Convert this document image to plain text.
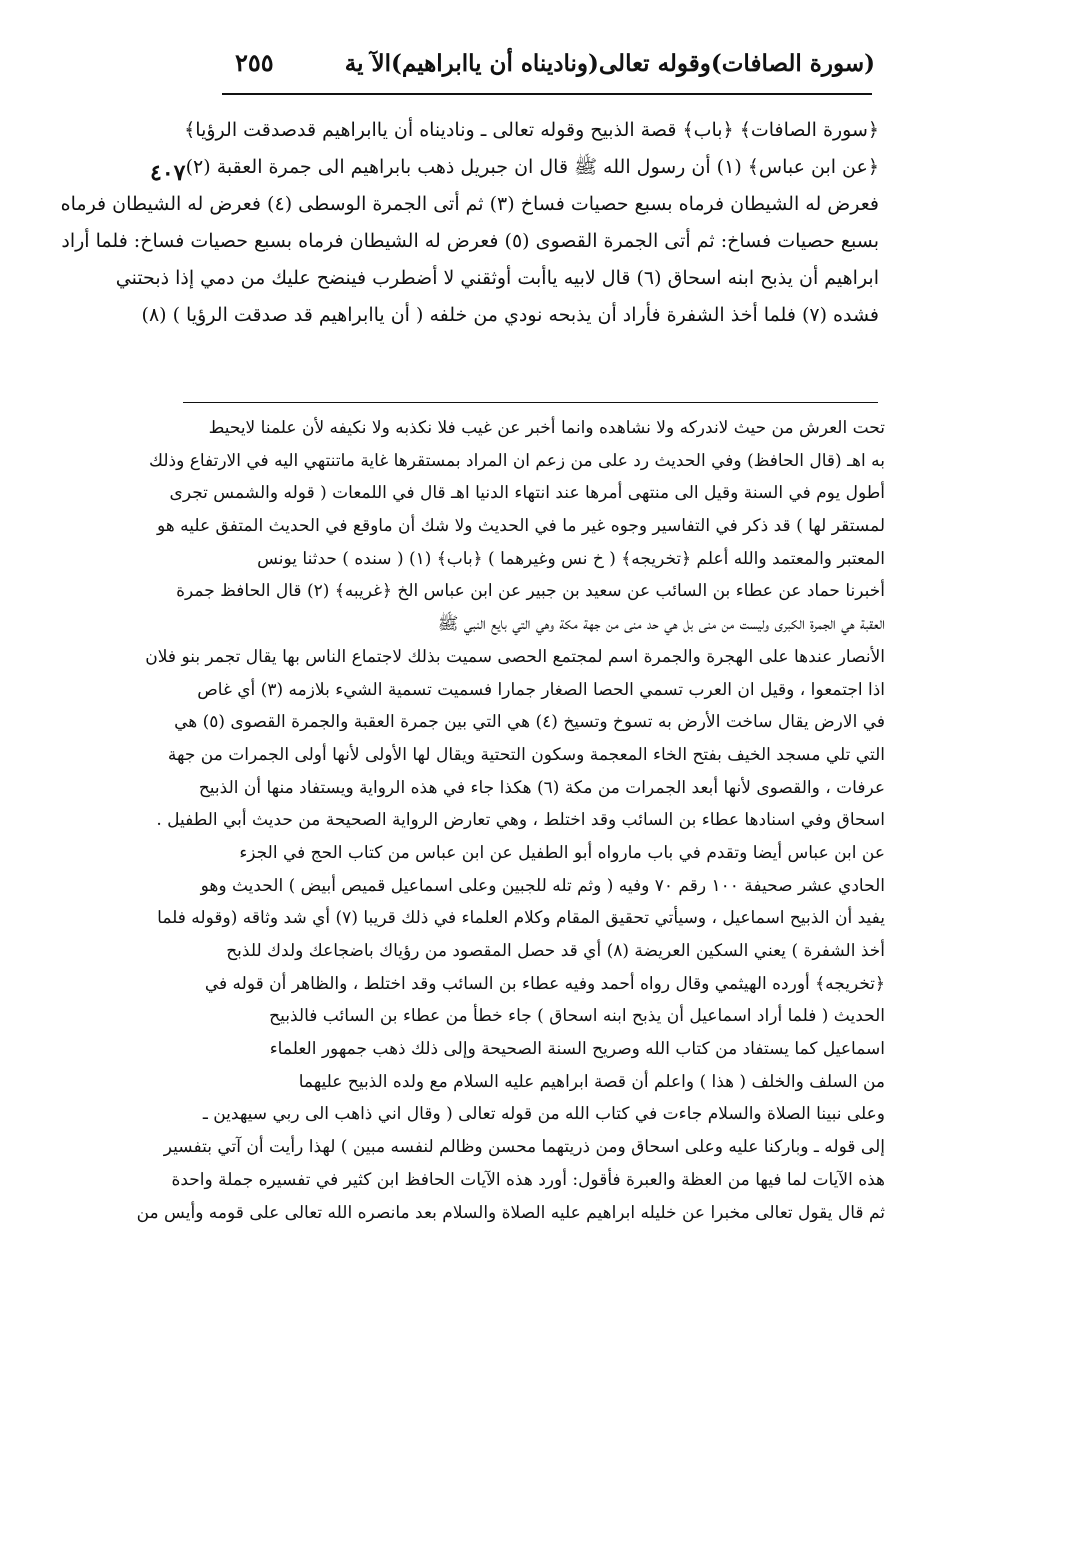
(سورة الصافات)وقوله تعالى(وناديناه أن ياابراهيم)الآ ية
٢٥٥
٤٠٧
﴿سورة الصافات﴾ ﴿باب﴾ قصة الذبيح وقوله تعالى ـ وناديناه أن ياابراهيم قدصدقت الرؤيا﴾
﴿عن ابن عباس﴾ (١) أن رسول الله ﷺ قال ان جبريل ذهب بابراهيم الى جمرة العقبة (٢)
فعرض له الشيطان فرماه بسبع حصيات فساخ (٣) ثم أتى الجمرة الوسطى (٤) فعرض له الشيطان فرماه
بسبع حصيات فساخ: ثم أتى الجمرة القصوى (٥) فعرض له الشيطان فرماه بسبع حصيات فساخ: فلما أراد
ابراهيم أن يذبح ابنه اسحاق (٦) قال لابيه ياأبت أوثقني لا أضطرب فينضح عليك من دمي إذا ذبحتني
فشده (٧) فلما أخذ الشفرة فأراد أن يذبحه نودي من خلفه ( أن ياابراهيم قد صدقت الرؤيا ) (٨)
تحت العرش من حيث لاندركه ولا نشاهده وانما أخبر عن غيب فلا نكذبه ولا نكيفه لأن علمنا لايحيط
به اهـ (قال الحافظ) وفي الحديث رد على من زعم ان المراد بمستقرها غاية ماتنتهي اليه في الارتفاع وذلك
أطول يوم في السنة وقيل الى منتهى أمرها عند انتهاء الدنيا اهـ قال في اللمعات ( قوله والشمس تجرى
لمستقر لها ) قد ذكر في التفاسير وجوه غير ما في الحديث ولا شك أن ماوقع في الحديث المتفق عليه هو
المعتبر والمعتمد والله أعلم ﴿تخريجه﴾ ( خ نس وغيرهما ) ﴿باب﴾ (١) ( سنده ) حدثنا يونس
أخبرنا حماد عن عطاء بن السائب عن سعيد بن جبير عن ابن عباس الخ ﴿غريبه﴾ (٢) قال الحافظ جمرة
العقبة هي الجمرة الكبرى وليست من منى بل هي حد منى من جهة مكة وهي التي بايع النبي ﷺ
الأنصار عندها على الهجرة والجمرة اسم لمجتمع الحصى سميت بذلك لاجتماع الناس بها يقال تجمر بنو فلان
اذا اجتمعوا ، وقيل ان العرب تسمي الحصا الصغار جمارا فسميت تسمية الشيء بلازمه (٣) أي غاص
في الارض يقال ساخت الأرض به تسوخ وتسيخ (٤) هي التي بين جمرة العقبة والجمرة القصوى (٥) هي
التي تلي مسجد الخيف بفتح الخاء المعجمة وسكون التحتية ويقال لها الأولى لأنها أولى الجمرات من جهة
عرفات ، والقصوى لأنها أبعد الجمرات من مكة (٦) هكذا جاء في هذه الرواية ويستفاد منها أن الذبيح
اسحاق وفي اسنادها عطاء بن السائب وقد اختلط ، وهي تعارض الرواية الصحيحة من حديث أبي الطفيل .
عن ابن عباس أيضا وتقدم في باب مارواه أبو الطفيل عن ابن عباس من كتاب الحج في الجزء
الحادي عشر صحيفة ١٠٠ رقم ٧٠ وفيه ( وثم تله للجبين وعلى اسماعيل قميص أبيض ) الحديث وهو
يفيد أن الذبيح اسماعيل ، وسيأتي تحقيق المقام وكلام العلماء في ذلك قريبا (٧) أي شد وثاقه (وقوله فلما
أخذ الشفرة ) يعني السكين العريضة (٨) أي قد حصل المقصود من رؤياك باضجاعك ولدك للذبح
﴿تخريجه﴾ أورده الهيثمي وقال رواه أحمد وفيه عطاء بن السائب وقد اختلط ، والظاهر أن قوله في
الحديث ( فلما أراد اسماعيل أن يذبح ابنه اسحاق ) جاء خطأ من عطاء بن السائب فالذبيح
اسماعيل كما يستفاد من كتاب الله وصريح السنة الصحيحة وإلى ذلك ذهب جمهور العلماء
من السلف والخلف ( هذا ) واعلم أن قصة ابراهيم عليه السلام مع ولده الذبيح عليهما
وعلى نبينا الصلاة والسلام جاءت في كتاب الله من قوله تعالى ( وقال اني ذاهب الى ربي سيهدين ـ
إلى قوله ـ وباركنا عليه وعلى اسحاق ومن ذريتهما محسن وظالم لنفسه مبين ) لهذا رأيت أن آتي بتفسير
هذه الآيات لما فيها من العظة والعبرة فأقول: أورد هذه الآيات الحافظ ابن كثير في تفسيره جملة واحدة
ثم قال يقول تعالى مخبرا عن خليله ابراهيم عليه الصلاة والسلام بعد مانصره الله تعالى على قومه وأيس من
